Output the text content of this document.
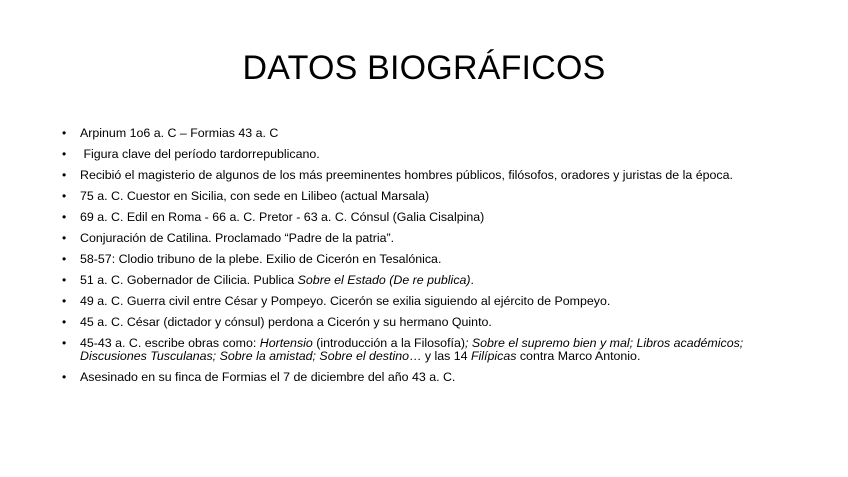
DATOS BIOGRÁFICOS
• Arpinum 1o6 a. C – Formias 43 a. C
• Figura clave del período tardorrepublicano.
• Recibió el magisterio de algunos de los más preeminentes hombres públicos, filósofos, oradores y juristas de la época.
• 75 a. C. Cuestor en Sicilia, con sede en Lilibeo (actual Marsala)
• 69 a. C. Edil en Roma - 66 a. C. Pretor - 63 a. C. Cónsul (Galia Cisalpina)
• Conjuración de Catilina. Proclamado “Padre de la patria”.
• 58-57: Clodio tribuno de la plebe. Exilio de Cicerón en Tesalónica.
• 51 a. C. Gobernador de Cilicia. Publica Sobre el Estado (De re publica).
• 49 a. C. Guerra civil entre César y Pompeyo. Cicerón se exilia siguiendo al ejército de Pompeyo.
• 45 a. C. César (dictador y cónsul) perdona a Cicerón y su hermano Quinto.
• 45-43 a. C. escribe obras como: Hortensio (introducción a la Filosofía); Sobre el supremo bien y mal; Libros académicos; Discusiones Tusculanas; Sobre la amistad; Sobre el destino… y las 14 Filípicas contra Marco Antonio.
• Asesinado en su finca de Formias el 7 de diciembre del año 43 a. C.
